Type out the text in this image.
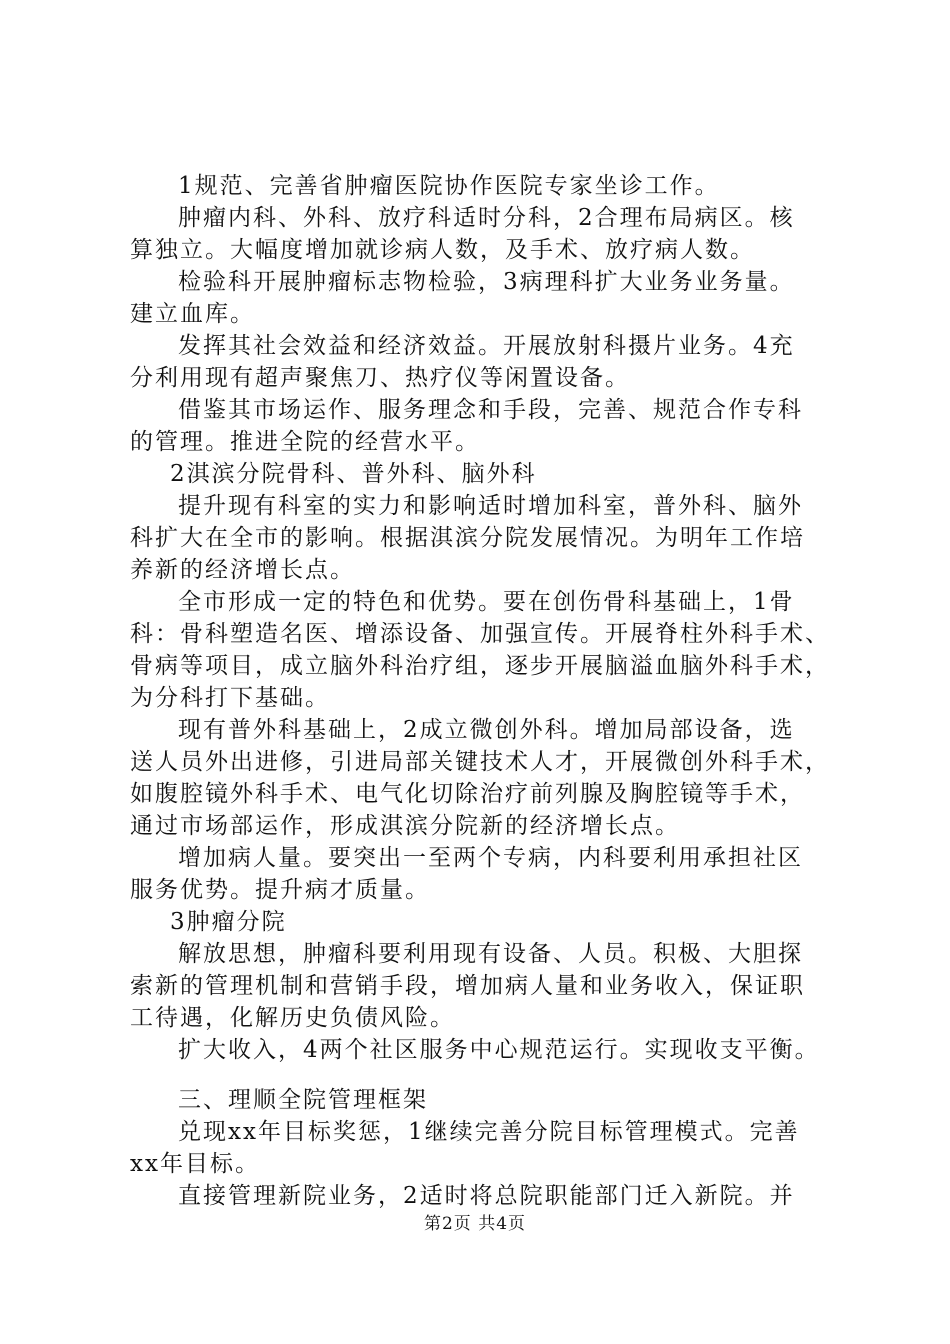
1规范、完善省肿瘤医院协作医院专家坐诊工作。
肿瘤内科、外科、放疗科适时分科，2合理布局病区。核
算独立。大幅度增加就诊病人数，及手术、放疗病人数。
检验科开展肿瘤标志物检验，3病理科扩大业务业务量。
建立血库。
发挥其社会效益和经济效益。开展放射科摄片业务。4充
分利用现有超声聚焦刀、热疗仪等闲置设备。
借鉴其市场运作、服务理念和手段，完善、规范合作专科
的管理。推进全院的经营水平。
2淇滨分院骨科、普外科、脑外科
提升现有科室的实力和影响适时增加科室，普外科、脑外
科扩大在全市的影响。根据淇滨分院发展情况。为明年工作培
养新的经济增长点。
全市形成一定的特色和优势。要在创伤骨科基础上，1骨
科：骨科塑造名医、增添设备、加强宣传。开展脊柱外科手术、
骨病等项目，成立脑外科治疗组，逐步开展脑溢血脑外科手术，
为分科打下基础。
现有普外科基础上，2成立微创外科。增加局部设备，选
送人员外出进修，引进局部关键技术人才，开展微创外科手术，
如腹腔镜外科手术、电气化切除治疗前列腺及胸腔镜等手术，
通过市场部运作，形成淇滨分院新的经济增长点。
增加病人量。要突出一至两个专病，内科要利用承担社区
服务优势。提升病才质量。
3肿瘤分院
解放思想，肿瘤科要利用现有设备、人员。积极、大胆探
索新的管理机制和营销手段，增加病人量和业务收入，保证职
工待遇，化解历史负债风险。
扩大收入，4两个社区服务中心规范运行。实现收支平衡。
三、理顺全院管理框架
兑现xx年目标奖惩，1继续完善分院目标管理模式。完善
xx年目标。
直接管理新院业务，2适时将总院职能部门迁入新院。并
第2页 共4页
